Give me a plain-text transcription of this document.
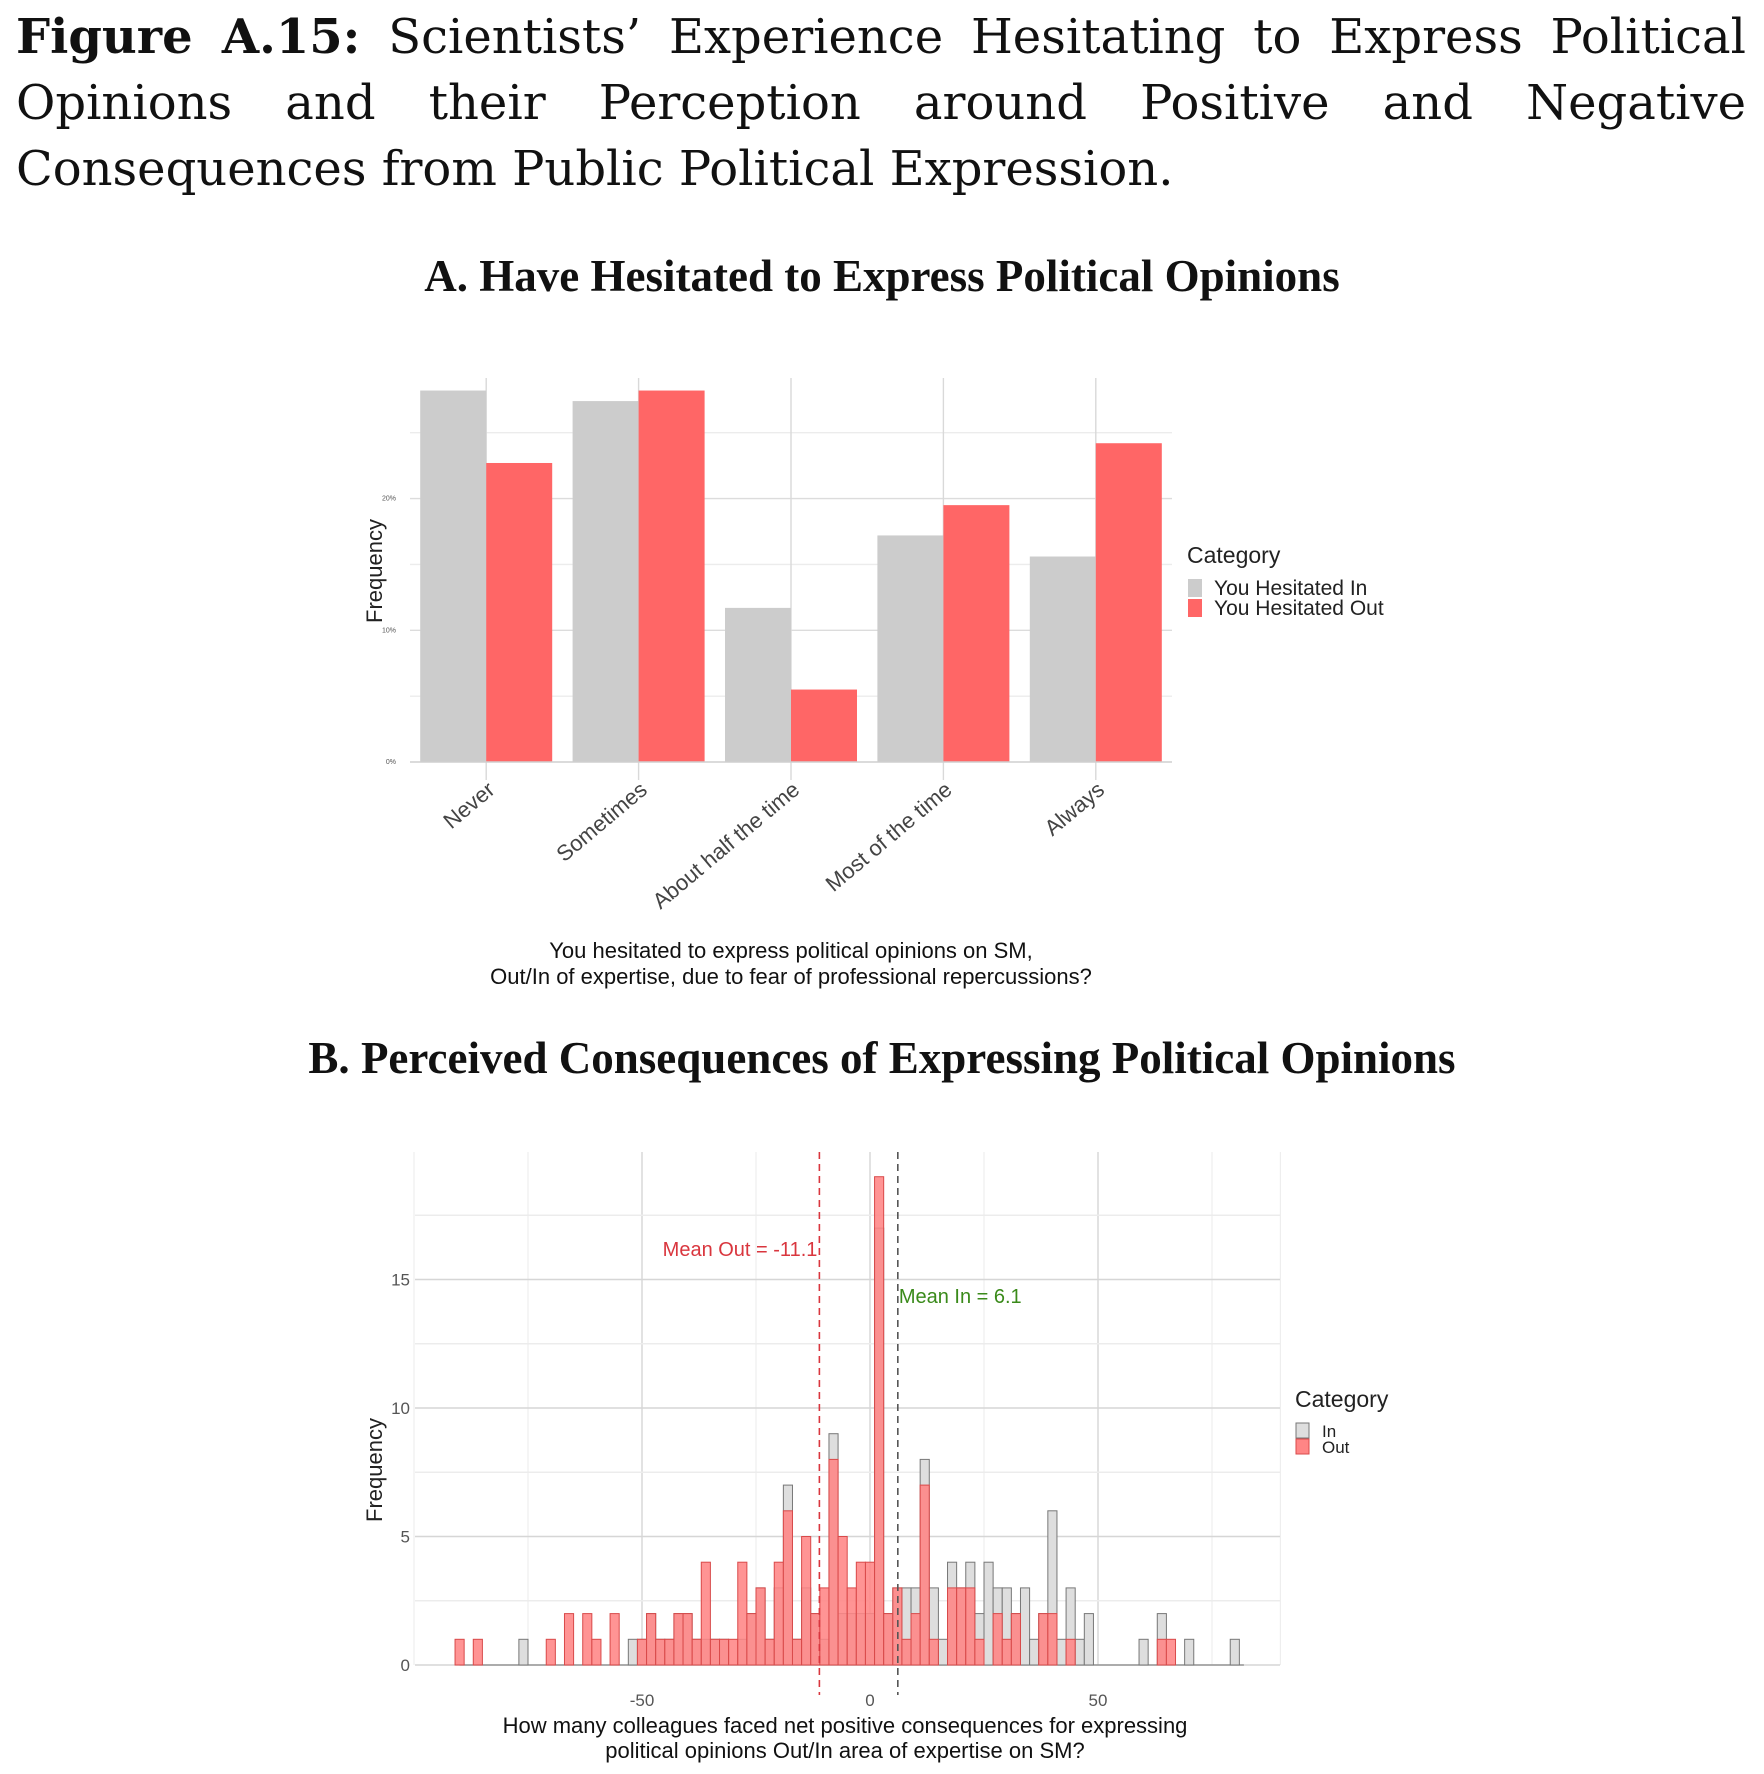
Figure A.15: Scientists’ Experience Hesitating to Express Political Opinions and their Perception around Positive and Negative Consequences from Public Political Expression.

A. Have Hesitated to Express Political Opinions
0%
10%
20%
Never Sometimes
About half the time Most of the time	Always
Frequency
You hesitated to express political opinions on SM,
Out/In of expertise, due to fear of professional repercussions?
Category
You Hesitated In
You Hesitated Out
B. Perceived Consequences of Expressing Political Opinions
Mean Out = -11.1
Mean In = 6.1
0
5
10
15
-50	0	50
Frequency
How many colleagues faced net positive consequences for expressing
political opinions Out/In area of expertise on SM?
Category
In
Out
